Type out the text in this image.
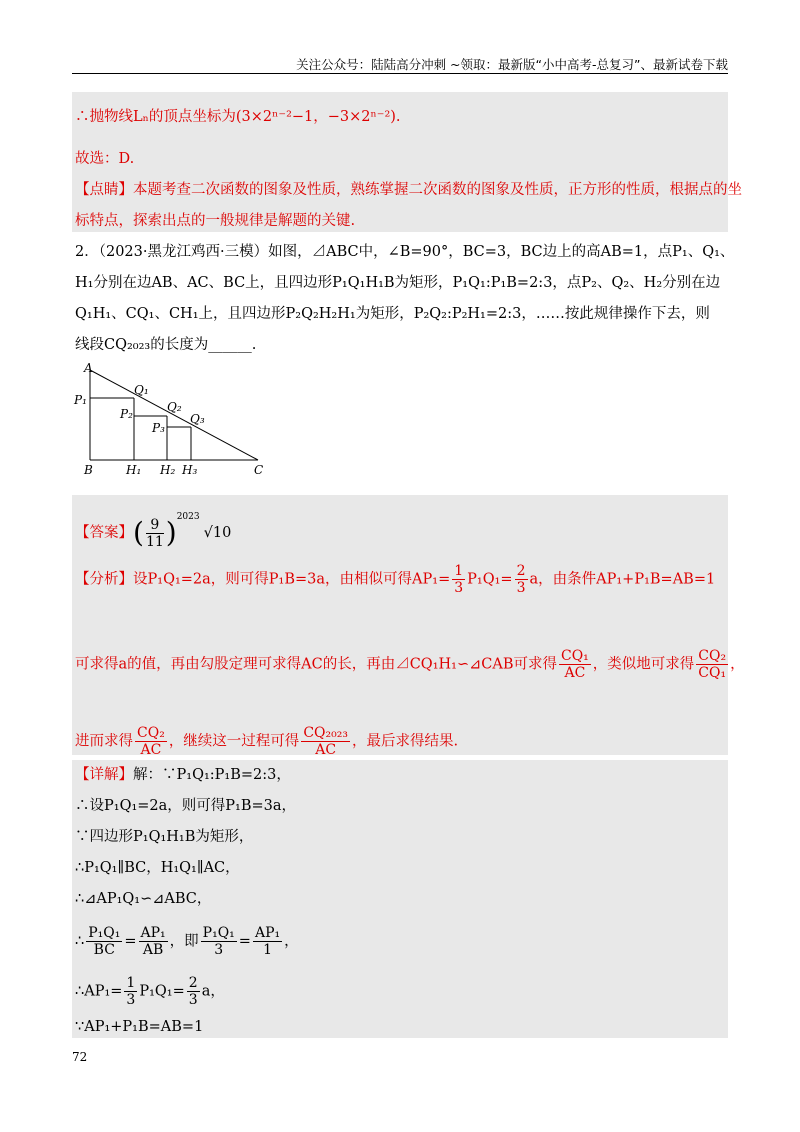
关注公众号：陆陆高分冲刺 ~领取：最新版“小中高考-总复习”、最新试卷下载
∴抛物线Lₙ的顶点坐标为(3×2ⁿ⁻²−1，−3×2ⁿ⁻²).
故选：D.
【点睛】本题考查二次函数的图象及性质，熟练掌握二次函数的图象及性质，正方形的性质，根据点的坐
标特点，探索出点的一般规律是解题的关键.
2．（2023·黑龙江鸡西·三模）如图，⊿ABC中，∠B=90°，BC=3，BC边上的高AB=1，点P₁、Q₁、
H₁分别在边AB、AC、BC上，且四边形P₁Q₁H₁B为矩形，P₁Q₁:P₁B=2:3，点P₂、Q₂、H₂分别在边
Q₁H₁、CQ₁、CH₁上，且四边形P₂Q₂H₂H₁为矩形，P₂Q₂:P₂H₁=2:3，……按此规律操作下去，则
线段CQ₂₀₂₃的长度为______.
A
P₁
Q₁
P₂	Q₂
P₃
Q₃
B	H₁ H₂ H₃	C
【答案】( $\frac{9}{11} )^{2023}√10$
【分析】设P₁Q₁=2a，则可得P₁B=3a，由相似可得$AP_1= \frac{1}{3} P_1Q_1= \frac{2}{3}$ a，由条件AP₁+P₁B=AB=1
可求得a的值，再由勾股定理可求得AC的长，再由⊿CQ₁H₁∽⊿CAB可求得 $\frac{\text{CQ₁}}{AC}$ ，类似地可求得 $\frac{\text{CQ₂}}{\text{CQ₁}}$ ，
进而求得 $\frac{\text{CQ₂}}{AC}$ ，继续这一过程可得 $\frac{\text{CQ₂₀₂₃}}{AC}$ ，最后求得结果.
【详解】解：∵P₁Q₁:P₁B=2:3，
∴设P₁Q₁=2a，则可得P₁B=3a，
∵四边形P₁Q₁H₁B为矩形，
∴P₁Q₁∥BC，H₁Q₁∥AC，
∴⊿AP₁Q₁∽⊿ABC，
∴ $\frac{\text{P₁Q₁}}{BC} = \frac{\text{AP₁}}{AB}$ ，即 $\frac{\text{P₁Q₁}}{3} = \frac{\text{AP₁}}{1}$ ，
∴AP₁= $\frac{1}{3} P_1Q_1= \frac{2}{3}$ a，
∵AP₁+P₁B=AB=1
72
